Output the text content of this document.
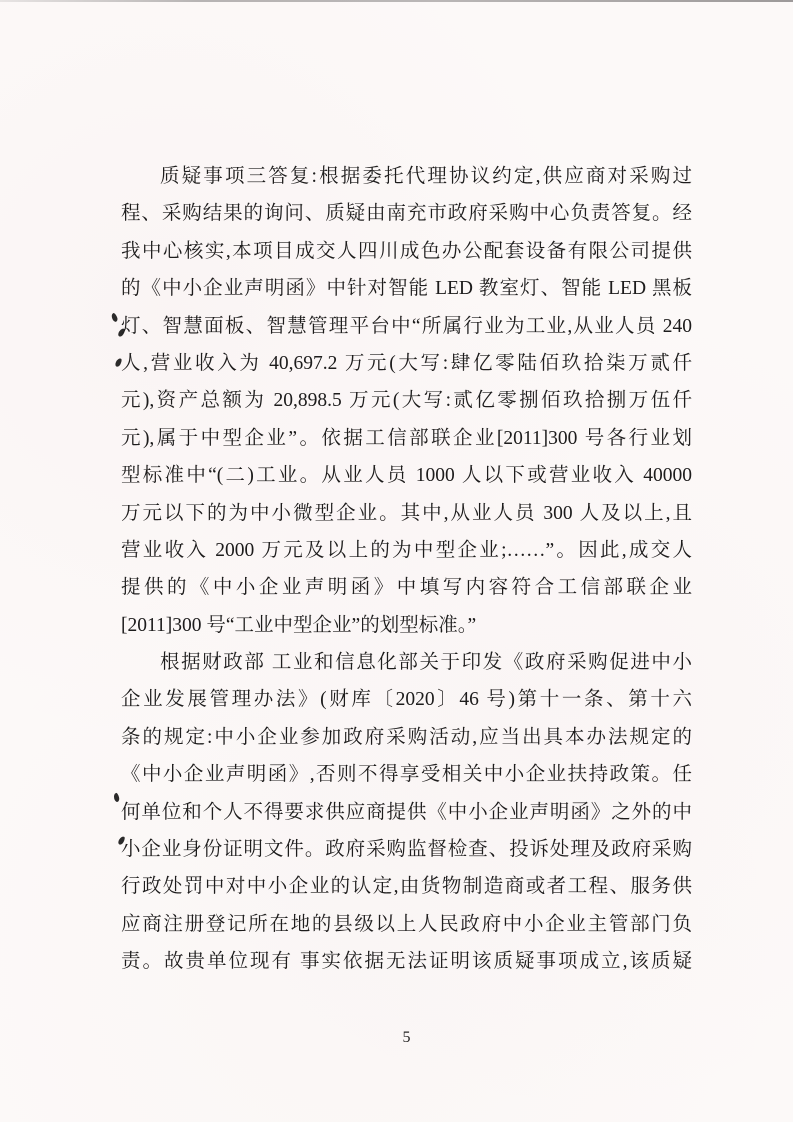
质疑事项三答复:根据委托代理协议约定,供应商对采购过
程、采购结果的询问、质疑由南充市政府采购中心负责答复。经
我中心核实,本项目成交人四川成色办公配套设备有限公司提供
的《中小企业声明函》中针对智能 LED 教室灯、智能 LED 黑板
灯、智慧面板、智慧管理平台中“所属行业为工业,从业人员 240
人,营业收入为 40,697.2 万元(大写:肆亿零陆佰玖拾柒万贰仟
元),资产总额为 20,898.5 万元(大写:贰亿零捌佰玖拾捌万伍仟
元),属于中型企业”。依据工信部联企业[2011]300 号各行业划
型标准中“(二)工业。从业人员 1000 人以下或营业收入 40000
万元以下的为中小微型企业。其中,从业人员 300 人及以上,且
营业收入 2000 万元及以上的为中型企业;……”。因此,成交人
提供的《中小企业声明函》中填写内容符合工信部联企业
[2011]300 号“工业中型企业”的划型标准。”
根据财政部 工业和信息化部关于印发《政府采购促进中小
企业发展管理办法》(财库〔2020〕46 号)第十一条、第十六
条的规定:中小企业参加政府采购活动,应当出具本办法规定的
《中小企业声明函》,否则不得享受相关中小企业扶持政策。任
何单位和个人不得要求供应商提供《中小企业声明函》之外的中
小企业身份证明文件。政府采购监督检查、投诉处理及政府采购
行政处罚中对中小企业的认定,由货物制造商或者工程、服务供
应商注册登记所在地的县级以上人民政府中小企业主管部门负
责。故贵单位现有 事实依据无法证明该质疑事项成立,该质疑
5
